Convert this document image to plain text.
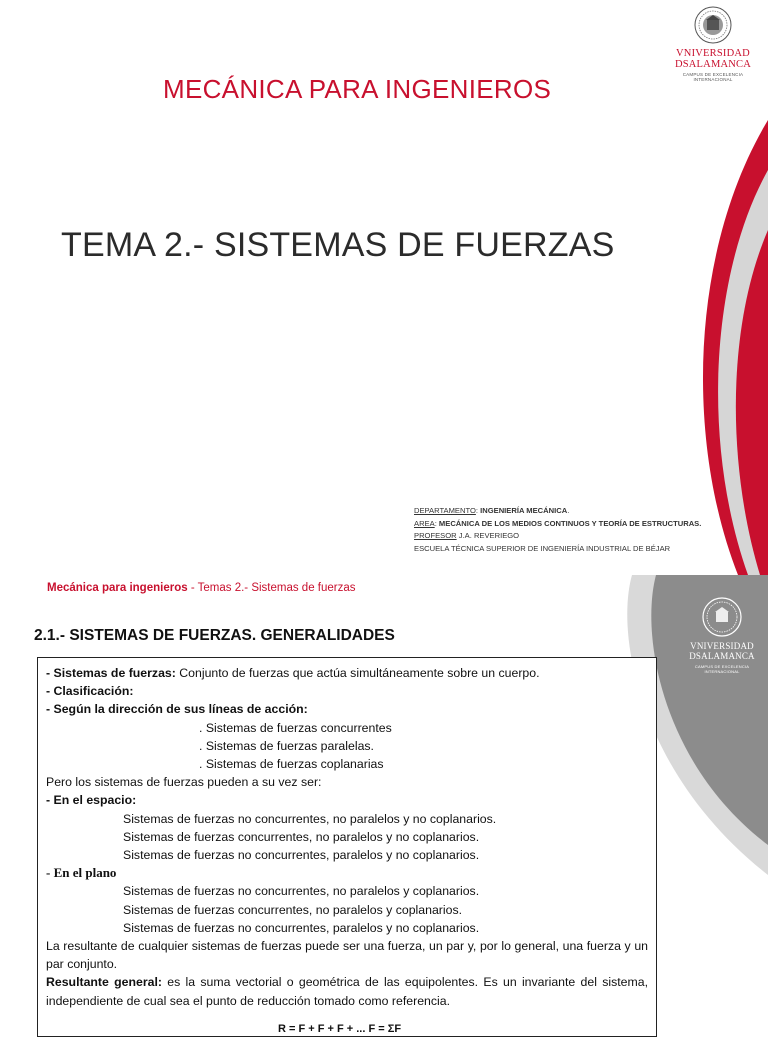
VNIVERSIDAD
DSALAMANCA
CAMPUS DE EXCELENCIA INTERNACIONAL
MECÁNICA PARA INGENIEROS
TEMA 2.- SISTEMAS DE FUERZAS
DEPARTAMENTO: INGENIERÍA MECÁNICA.
AREA: MECÁNICA DE LOS MEDIOS CONTINUOS Y TEORÍA DE ESTRUCTURAS.
PROFESOR J.A. REVERIEGO
ESCUELA TÉCNICA SUPERIOR DE INGENIERÍA INDUSTRIAL DE BÉJAR
Mecánica para ingenieros - Temas 2.- Sistemas de fuerzas
VNIVERSIDAD
DSALAMANCA
CAMPUS DE EXCELENCIA INTERNACIONAL
2.1.- SISTEMAS DE FUERZAS. GENERALIDADES

- Sistemas de fuerzas: Conjunto de fuerzas que actúa simultáneamente sobre un cuerpo.

- Clasificación:

- Según la dirección de sus líneas de acción:

. Sistemas de fuerzas concurrentes

. Sistemas de fuerzas paralelas.

. Sistemas de fuerzas coplanarias

Pero los sistemas de fuerzas pueden a su vez ser:

- En el espacio:

Sistemas de fuerzas no concurrentes, no paralelos y no coplanarios.

Sistemas de fuerzas concurrentes, no paralelos y no coplanarios.

Sistemas de fuerzas no concurrentes, paralelos y no coplanarios.

- En el plano

Sistemas de fuerzas no concurrentes, no paralelos y coplanarios.

Sistemas de fuerzas concurrentes, no paralelos y coplanarios.

Sistemas de fuerzas no concurrentes, paralelos y no coplanarios.

La resultante de cualquier sistemas de fuerzas puede ser una fuerza, un par y, por lo general, una fuerza y un par conjunto.

Resultante general: es la suma vectorial o geométrica de las equipolentes. Es un invariante del sistema, independiente de cual sea el punto de reducción tomado como referencia.

R = F + F + F + ... F = ΣF
